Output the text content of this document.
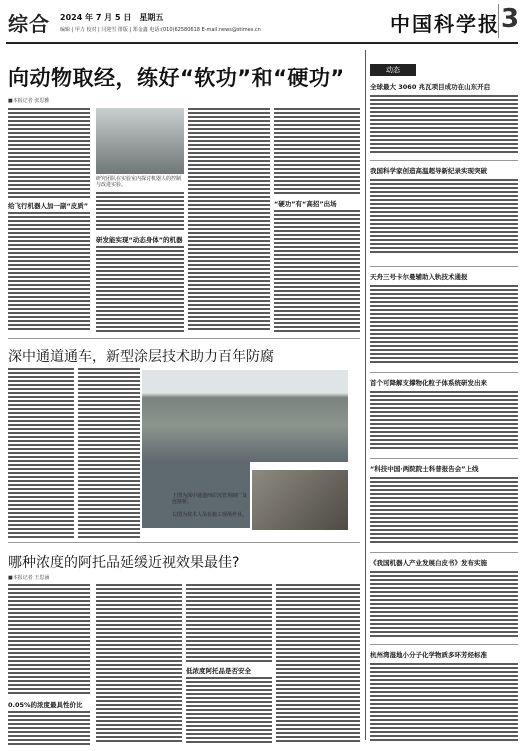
综合 2024 年 7 月 5 日　星期五
编辑 | 甲力 校对 | 闫迎雪 排版 | 郑金鑫 电话:(010)62580618 E-mail:news@stimes.cn	中国科学报 3
向动物取经，练好“软功”和“硬功”
■本报记者 张思雅
给飞行机器人加一副“皮质”
研究团队在实验室内探讨机器人的控制与改进实验。
研发能实现“动态身体”的机器
“硬功”有“高招”出场
深中通道通车，新型涂层技术助力百年防腐
上图为深中通道西岸沉管预制厂及连接桥。
右图为技术人员在施工现场作业。
哪种浓度的阿托品延缓近视效果最佳?
■本报记者 王思涵
0.05%的浓度最具性价比
低浓度阿托品是否安全
动态
全球最大 3060 兆瓦项目成功在山东开启
我国科学家创造高温超导新纪录实现突破
天舟三号卡尔曼辅助入轨技术通报
首个可降解支撑物化粒子体系统研发出来
“科技中国·两院院士科普报告会”上线
《我国机器人产业发展白皮书》发布实施
杭州湾湿地小分子化学物质多环芳烃标准
